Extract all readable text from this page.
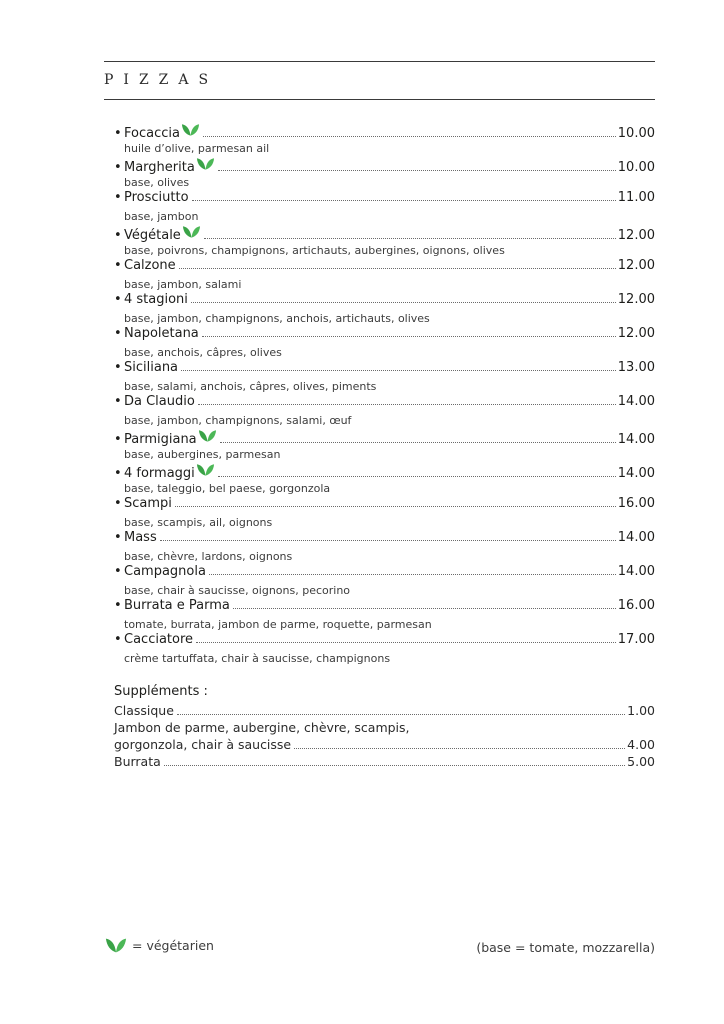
PIZZAS
• Focaccia	10.00
huile d’olive, parmesan ail
• Margherita	10.00
base, olives
• Prosciutto	11.00
base, jambon
• Végétale	12.00
base, poivrons, champignons, artichauts, aubergines, oignons, olives
• Calzone	12.00
base, jambon, salami
• 4 stagioni	12.00
base, jambon, champignons, anchois, artichauts, olives
• Napoletana	12.00
base, anchois, câpres, olives
• Siciliana	13.00
base, salami, anchois, câpres, olives, piments
• Da Claudio	14.00
base, jambon, champignons, salami, œuf
• Parmigiana	14.00
base, aubergines, parmesan
• 4 formaggi	14.00
base, taleggio, bel paese, gorgonzola
• Scampi	16.00
base, scampis, ail, oignons
• Mass	14.00
base, chèvre, lardons, oignons
• Campagnola	14.00
base, chair à saucisse, oignons, pecorino
• Burrata e Parma	16.00
tomate, burrata, jambon de parme, roquette, parmesan
• Cacciatore	17.00
crème tartuffata, chair à saucisse, champignons
Suppléments :
Classique	1.00
Jambon de parme, aubergine, chèvre, scampis,
gorgonzola, chair à saucisse	4.00
Burrata	5.00
= végétarien	(base = tomate, mozzarella)
